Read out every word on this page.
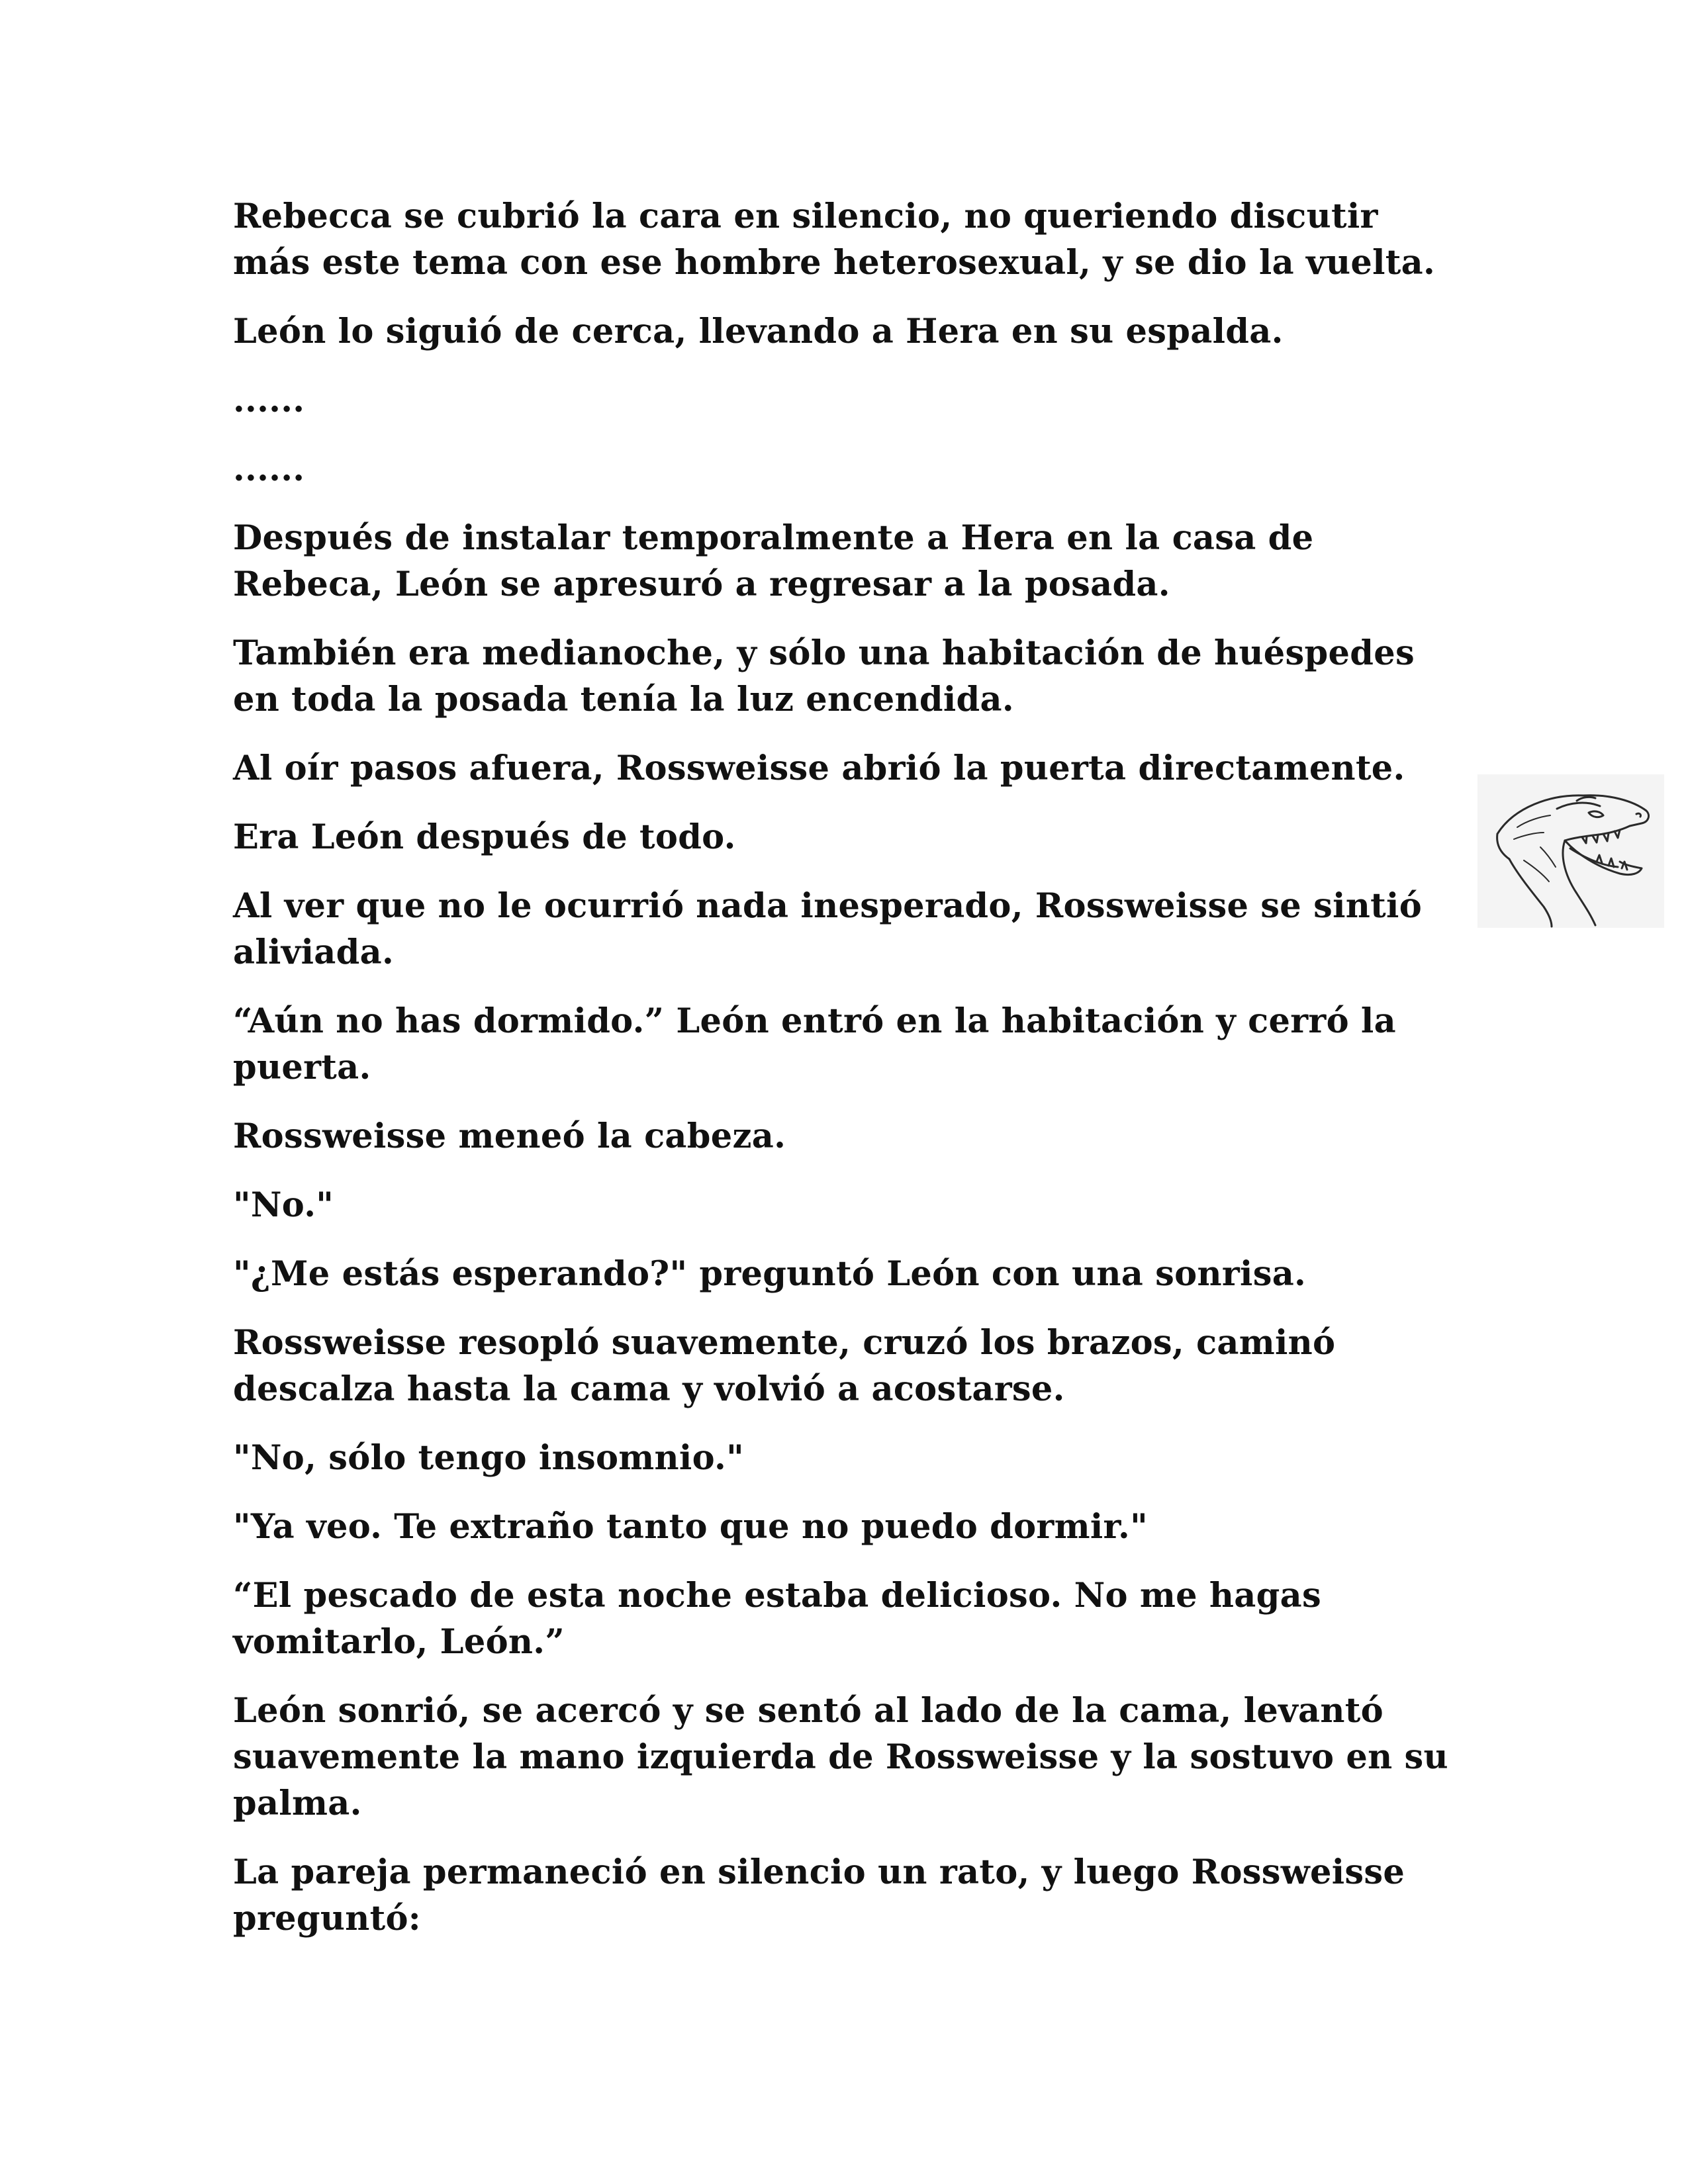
Rebecca se cubrió la cara en silencio, no queriendo discutir más este tema con ese hombre heterosexual, y se dio la vuelta.

León lo siguió de cerca, llevando a Hera en su espalda.

......

......

Después de instalar temporalmente a Hera en la casa de Rebeca, León se apresuró a regresar a la posada.

También era medianoche, y sólo una habitación de huéspedes en toda la posada tenía la luz encendida.

Al oír pasos afuera, Rossweisse abrió la puerta directamente.

Era León después de todo.

Al ver que no le ocurrió nada inesperado, Rossweisse se sintió aliviada.

“Aún no has dormido.” León entró en la habitación y cerró la puerta.

Rossweisse meneó la cabeza.

"No."

"¿Me estás esperando?" preguntó León con una sonrisa.

Rossweisse resopló suavemente, cruzó los brazos, caminó descalza hasta la cama y volvió a acostarse.

"No, sólo tengo insomnio."

"Ya veo. Te extraño tanto que no puedo dormir."

“El pescado de esta noche estaba delicioso. No me hagas vomitarlo, León.”

León sonrió, se acercó y se sentó al lado de la cama, levantó suavemente la mano izquierda de Rossweisse y la sostuvo en su palma.

La pareja permaneció en silencio un rato, y luego Rossweisse preguntó:
